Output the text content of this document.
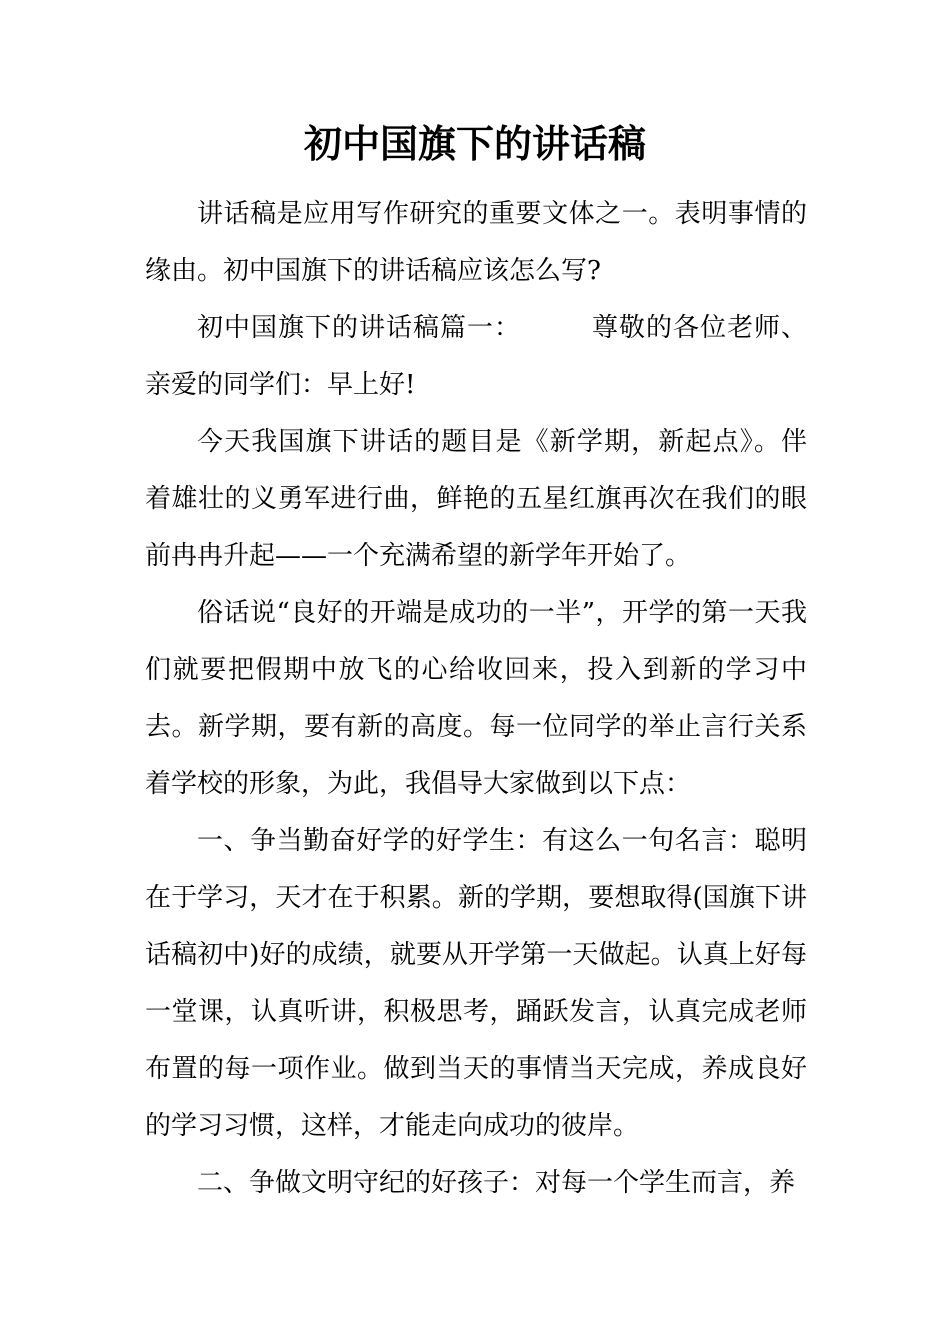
初中国旗下的讲话稿

讲话稿是应用写作研究的重要文体之一。表明事情的缘由。初中国旗下的讲话稿应该怎么写?

初中国旗下的讲话稿篇一：	尊敬的各位老师、亲爱的同学们：早上好!

今天我国旗下讲话的题目是《新学期，新起点》。伴着雄壮的义勇军进行曲，鲜艳的五星红旗再次在我们的眼前冉冉升起——一个充满希望的新学年开始了。

俗话说“良好的开端是成功的一半”，开学的第一天我们就要把假期中放飞的心给收回来，投入到新的学习中去。新学期，要有新的高度。每一位同学的举止言行关系着学校的形象，为此，我倡导大家做到以下点：

一、争当勤奋好学的好学生：有这么一句名言：聪明在于学习，天才在于积累。新的学期，要想取得(国旗下讲话稿初中)好的成绩，就要从开学第一天做起。认真上好每一堂课，认真听讲，积极思考，踊跃发言，认真完成老师布置的每一项作业。做到当天的事情当天完成，养成良好的学习习惯，这样，才能走向成功的彼岸。

二、争做文明守纪的好孩子：对每一个学生而言，养
